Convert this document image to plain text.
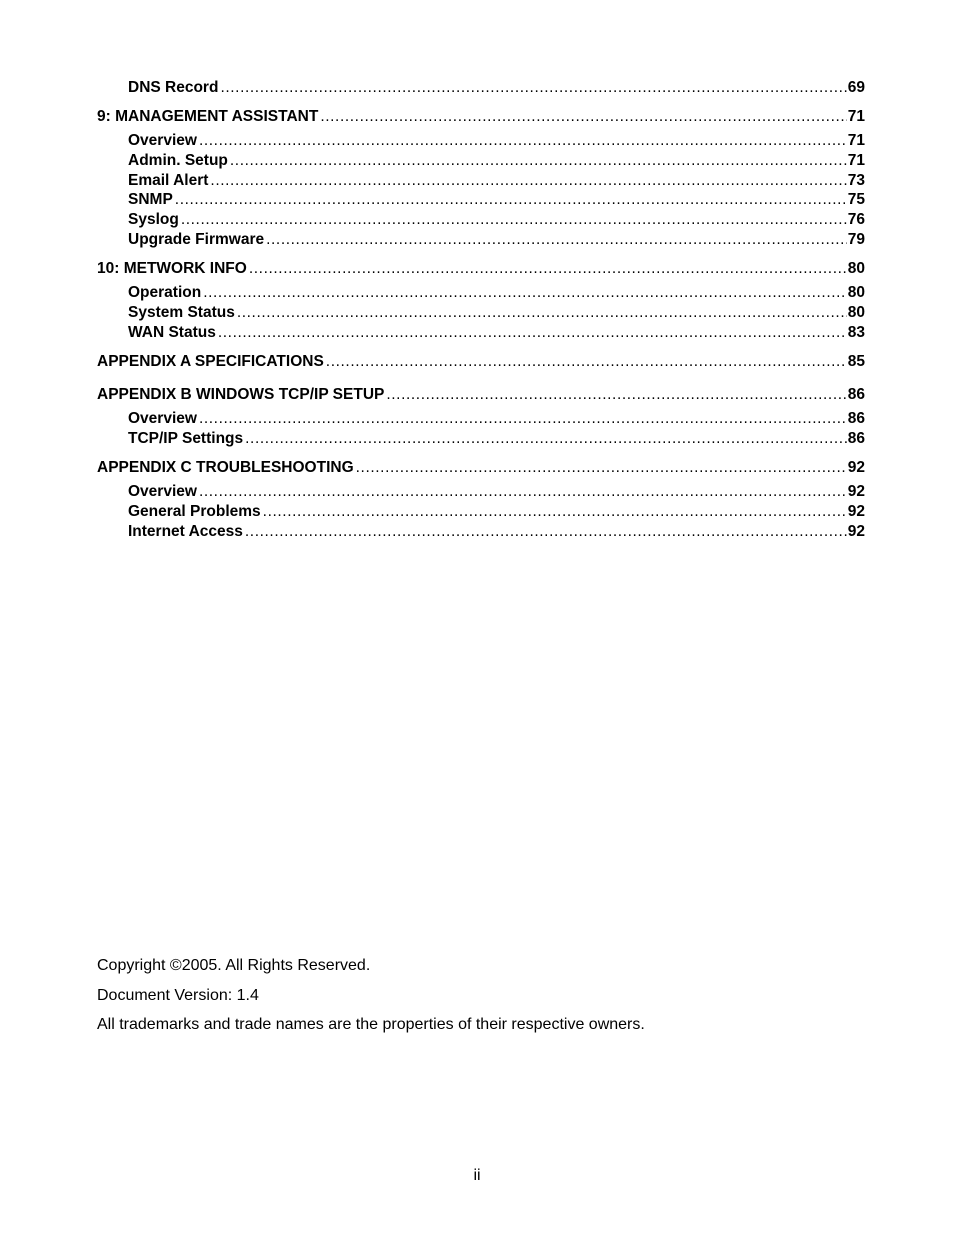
DNS Record .....	69
9: MANAGEMENT ASSISTANT .....	71
Overview .....	71
Admin. Setup .....	71
Email Alert .....	73
SNMP .....	75
Syslog .....	76
Upgrade Firmware .....	79
10: METWORK INFO .....	80
Operation .....	80
System Status .....	80
WAN Status .....	83
APPENDIX A SPECIFICATIONS .....	85
APPENDIX B WINDOWS TCP/IP SETUP .....	86
Overview .....	86
TCP/IP Settings .....	86
APPENDIX C TROUBLESHOOTING .....	92
Overview .....	92
General Problems .....	92
Internet Access .....	92

Copyright ©2005. All Rights Reserved.

Document Version: 1.4

All trademarks and trade names are the properties of their respective owners.

ii
